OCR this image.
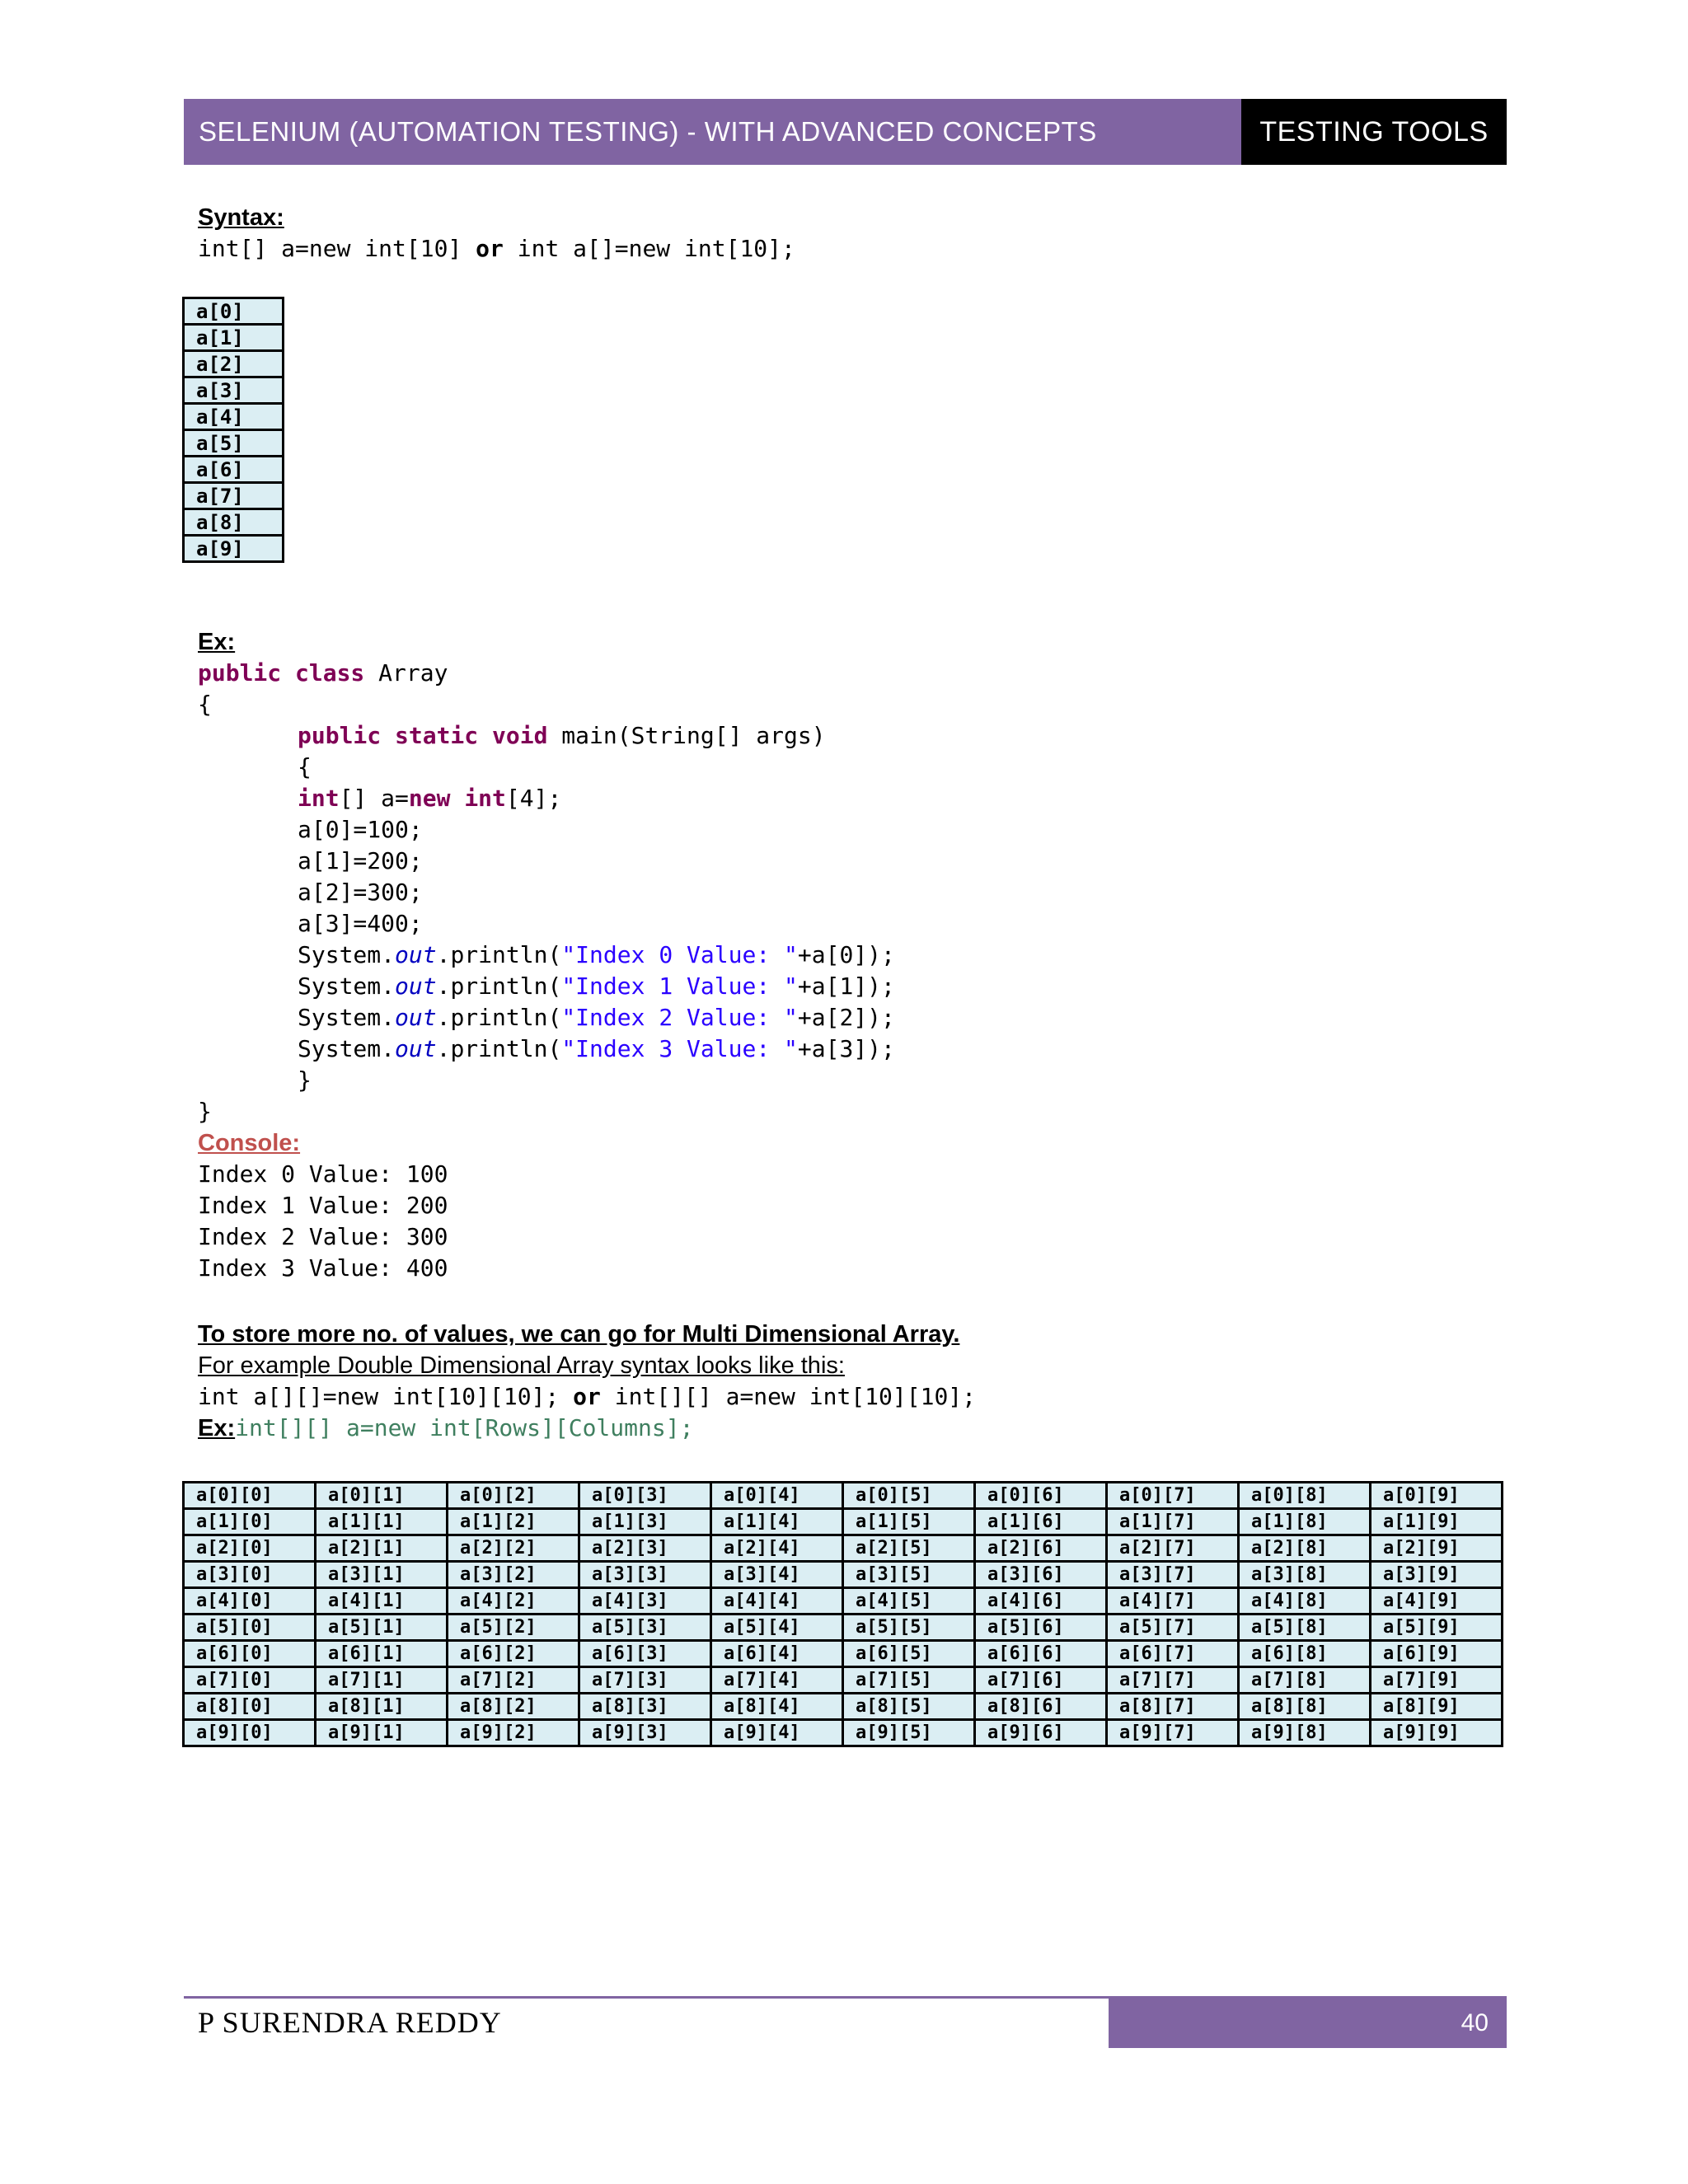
SELENIUM (AUTOMATION TESTING) - WITH ADVANCED CONCEPTS	TESTING TOOLS
Syntax:
int[] a=new int[10] or int a[]=new int[10];
a[0]
a[1]
a[2]
a[3]
a[4]
a[5]
a[6]
a[7]
a[8]
a[9]
Ex:
public class Array
{
public static void main(String[] args)
{
int[] a=new int[4];
a[0]=100;
a[1]=200;
a[2]=300;
a[3]=400;
System.out.println("Index 0 Value: "+a[0]);
System.out.println("Index 1 Value: "+a[1]);
System.out.println("Index 2 Value: "+a[2]);
System.out.println("Index 3 Value: "+a[3]);
}
}
Console:
Index 0 Value: 100
Index 1 Value: 200
Index 2 Value: 300
Index 3 Value: 400
To store more no. of values, we can go for Multi Dimensional Array.
For example Double Dimensional Array syntax looks like this:
int a[][]=new int[10][10]; or int[][] a=new int[10][10];
Ex:int[][] a=new int[Rows][Columns];
a[0][0]	a[0][1]	a[0][2]	a[0][3]	a[0][4]	a[0][5]	a[0][6]	a[0][7]	a[0][8]	a[0][9]
a[1][0]	a[1][1]	a[1][2]	a[1][3]	a[1][4]	a[1][5]	a[1][6]	a[1][7]	a[1][8]	a[1][9]
a[2][0]	a[2][1]	a[2][2]	a[2][3]	a[2][4]	a[2][5]	a[2][6]	a[2][7]	a[2][8]	a[2][9]
a[3][0]	a[3][1]	a[3][2]	a[3][3]	a[3][4]	a[3][5]	a[3][6]	a[3][7]	a[3][8]	a[3][9]
a[4][0]	a[4][1]	a[4][2]	a[4][3]	a[4][4]	a[4][5]	a[4][6]	a[4][7]	a[4][8]	a[4][9]
a[5][0]	a[5][1]	a[5][2]	a[5][3]	a[5][4]	a[5][5]	a[5][6]	a[5][7]	a[5][8]	a[5][9]
a[6][0]	a[6][1]	a[6][2]	a[6][3]	a[6][4]	a[6][5]	a[6][6]	a[6][7]	a[6][8]	a[6][9]
a[7][0]	a[7][1]	a[7][2]	a[7][3]	a[7][4]	a[7][5]	a[7][6]	a[7][7]	a[7][8]	a[7][9]
a[8][0]	a[8][1]	a[8][2]	a[8][3]	a[8][4]	a[8][5]	a[8][6]	a[8][7]	a[8][8]	a[8][9]
a[9][0]	a[9][1]	a[9][2]	a[9][3]	a[9][4]	a[9][5]	a[9][6]	a[9][7]	a[9][8]	a[9][9]
P SURENDRA REDDY	40
